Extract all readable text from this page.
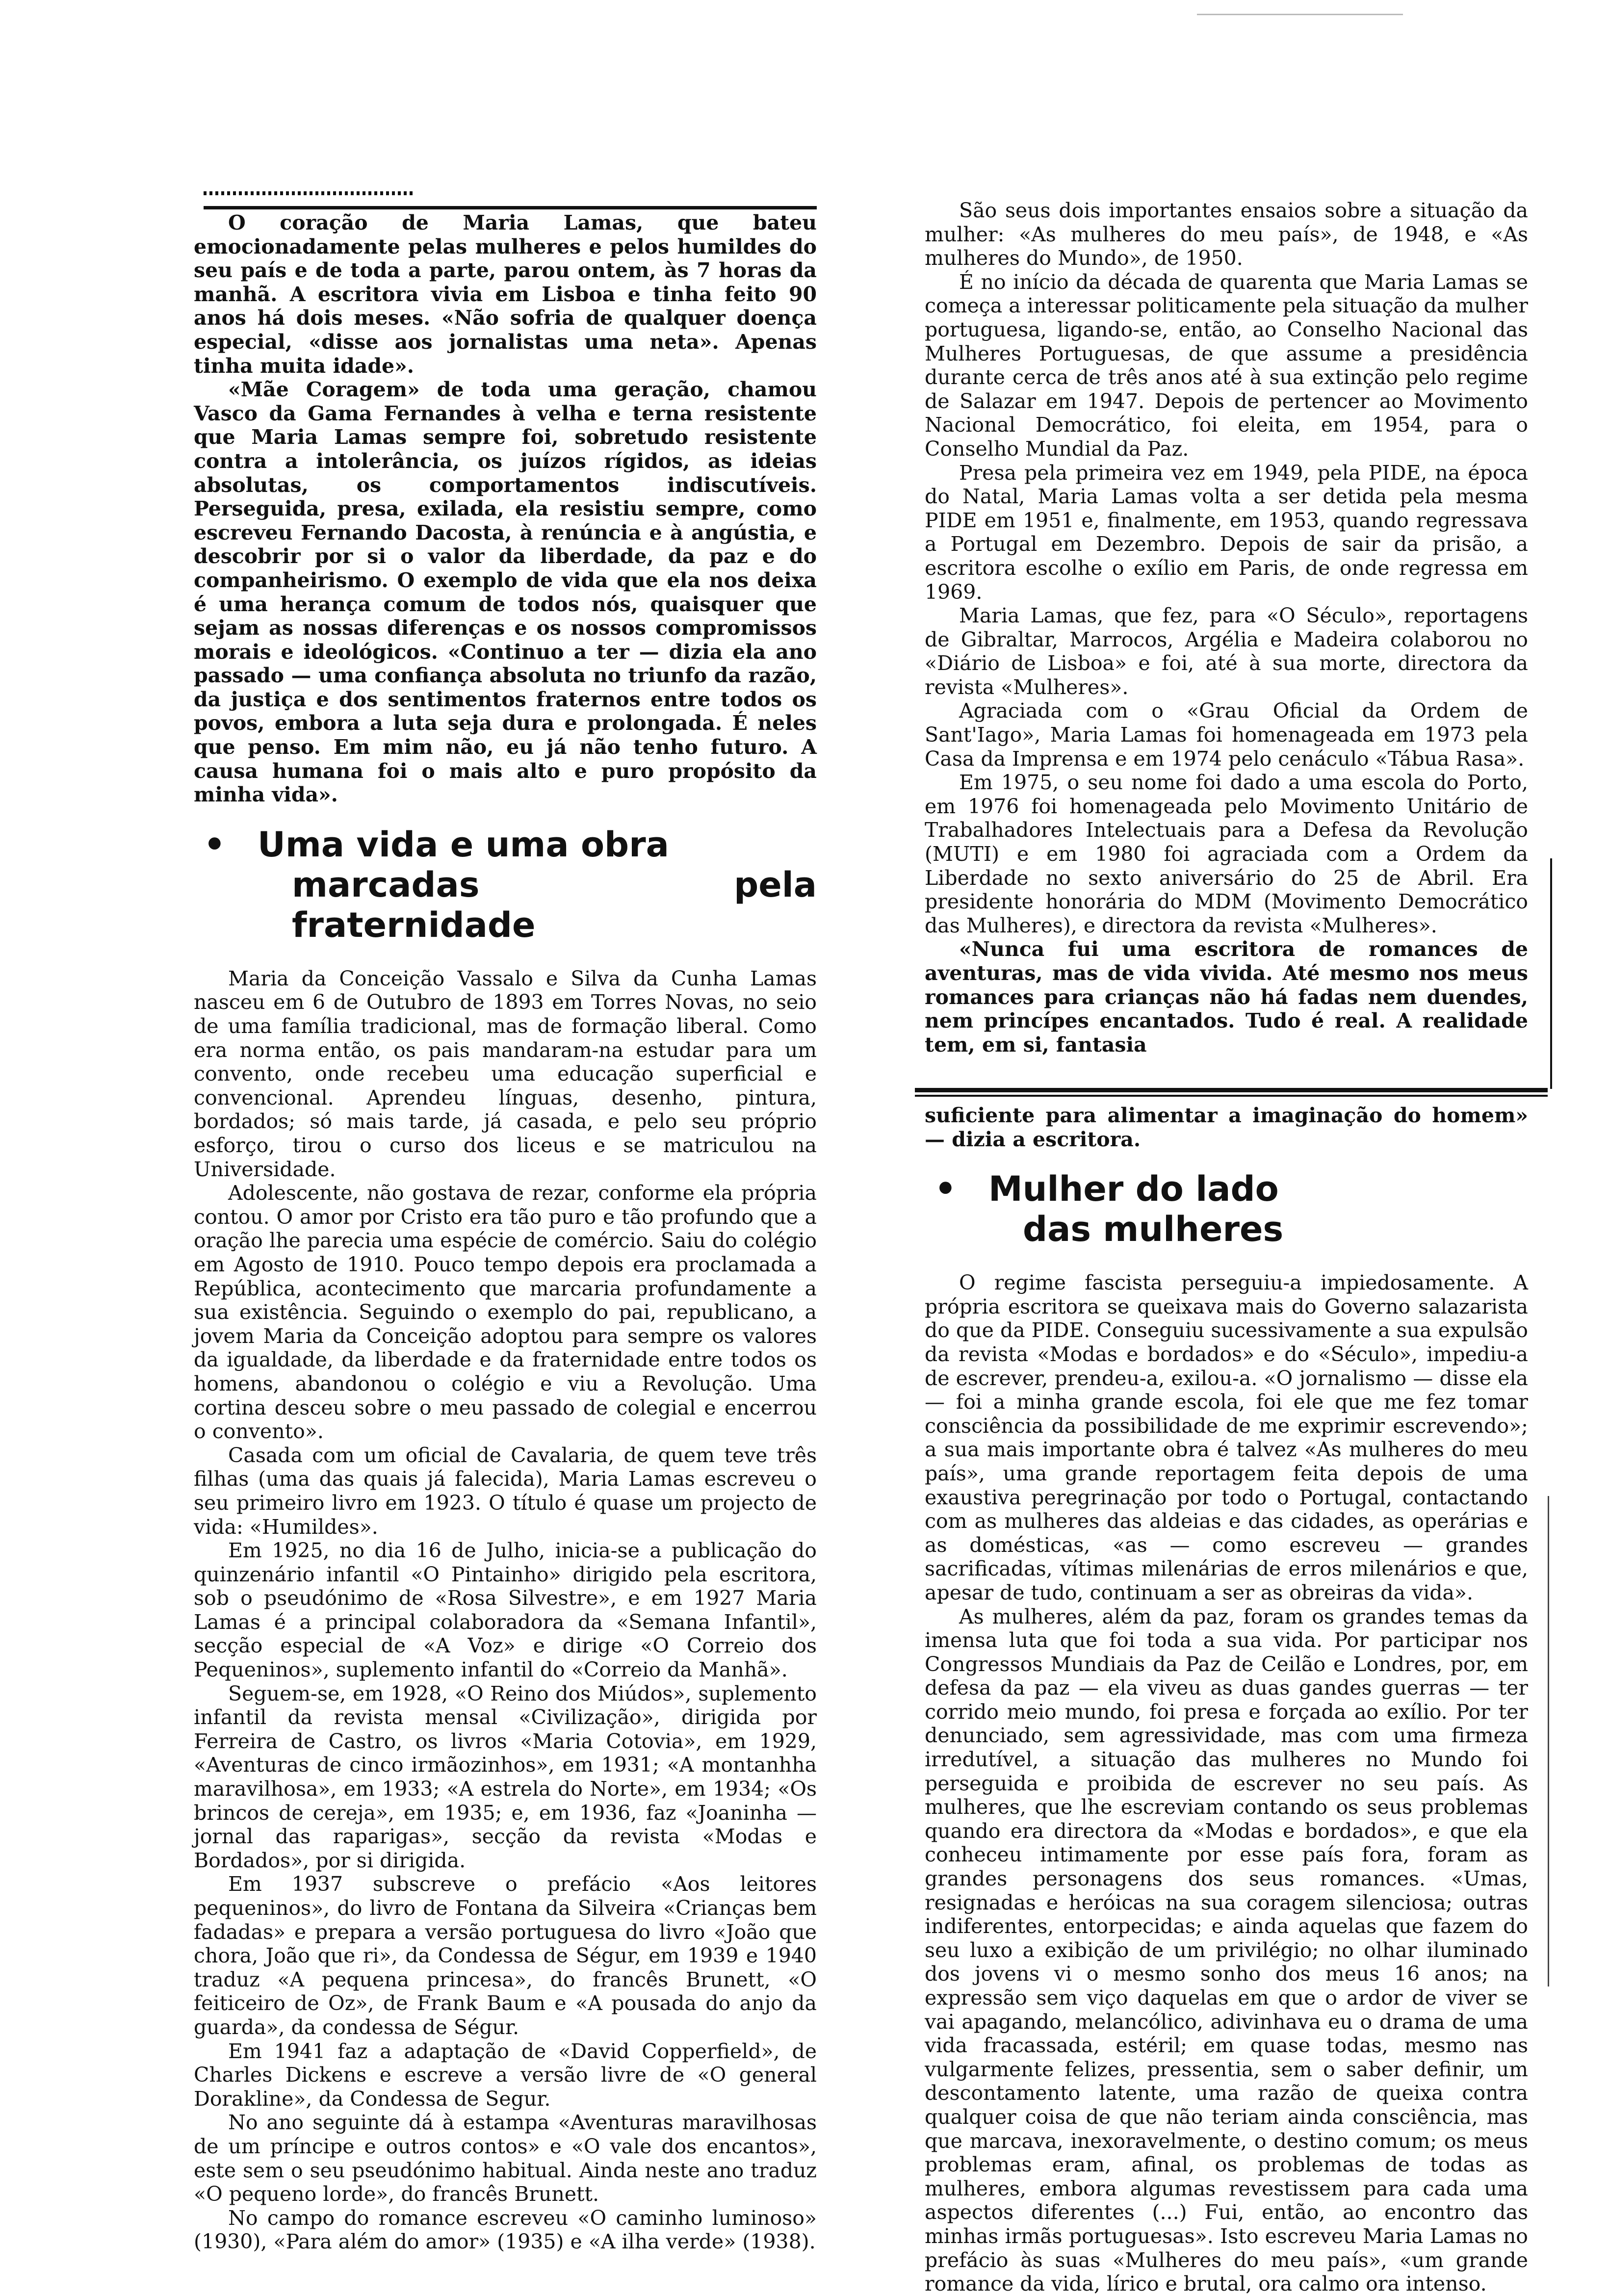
O coração de Maria Lamas, que bateu emocionadamente pelas mulheres e pelos humildes do seu país e de toda a parte, parou ontem, às 7 horas da manhã. A escritora vivia em Lisboa e tinha feito 90 anos há dois meses. «Não sofria de qualquer doença especial, «disse aos jornalistas uma neta». Apenas tinha muita idade».

«Mãe Coragem» de toda uma geração, chamou Vasco da Gama Fernandes à velha e terna resistente que Maria Lamas sempre foi, sobretudo resistente contra a intolerância, os juízos rígidos, as ideias absolutas, os comportamentos indiscutíveis. Perseguida, presa, exilada, ela resistiu sempre, como escreveu Fernando Dacosta, à renúncia e à angústia, e descobrir por si o valor da liberdade, da paz e do companheirismo. O exemplo de vida que ela nos deixa é uma herança comum de todos nós, quaisquer que sejam as nossas diferenças e os nossos compromissos morais e ideológicos. «Continuo a ter — dizia ela ano passado — uma confiança absoluta no triunfo da razão, da justiça e dos sentimentos fraternos entre todos os povos, embora a luta seja dura e prolongada. É neles que penso. Em mim não, eu já não tenho futuro. A causa humana foi o mais alto e puro propósito da minha vida».

• Uma vida e uma obra
marcadas pela fraternidade

Maria da Conceição Vassalo e Silva da Cunha Lamas nasceu em 6 de Outubro de 1893 em Torres Novas, no seio de uma família tradicional, mas de formação liberal. Como era norma então, os pais mandaram-na estudar para um convento, onde recebeu uma educação superficial e convencional. Aprendeu línguas, desenho, pintura, bordados; só mais tarde, já casada, e pelo seu próprio esforço, tirou o curso dos liceus e se matriculou na Universidade.

Adolescente, não gostava de rezar, conforme ela própria contou. O amor por Cristo era tão puro e tão profundo que a oração lhe parecia uma espécie de comércio. Saiu do colégio em Agosto de 1910. Pouco tempo depois era proclamada a República, acontecimento que marcaria profundamente a sua existência. Seguindo o exemplo do pai, republicano, a jovem Maria da Conceição adoptou para sempre os valores da igualdade, da liberdade e da fraternidade entre todos os homens, abandonou o colégio e viu a Revolução. Uma cortina desceu sobre o meu passado de colegial e encerrou o convento».

Casada com um oficial de Cavalaria, de quem teve três filhas (uma das quais já falecida), Maria Lamas escreveu o seu primeiro livro em 1923. O título é quase um projecto de vida: «Humildes».

Em 1925, no dia 16 de Julho, inicia-se a publicação do quinzenário infantil «O Pintainho» dirigido pela escritora, sob o pseudónimo de «Rosa Silvestre», e em 1927 Maria Lamas é a principal colaboradora da «Semana Infantil», secção especial de «A Voz» e dirige «O Correio dos Pequeninos», suplemento infantil do «Correio da Manhã».

Seguem-se, em 1928, «O Reino dos Miúdos», suplemento infantil da revista mensal «Civilização», dirigida por Ferreira de Castro, os livros «Maria Cotovia», em 1929, «Aventuras de cinco irmãozinhos», em 1931; «A montanhha maravilhosa», em 1933; «A estrela do Norte», em 1934; «Os brincos de cereja», em 1935; e, em 1936, faz «Joaninha — jornal das raparigas», secção da revista «Modas e Bordados», por si dirigida.

Em 1937 subscreve o prefácio «Aos leitores pequeninos», do livro de Fontana da Silveira «Crianças bem fadadas» e prepara a versão portuguesa do livro «João que chora, João que ri», da Condessa de Ségur, em 1939 e 1940 traduz «A pequena princesa», do francês Brunett, «O feiticeiro de Oz», de Frank Baum e «A pousada do anjo da guarda», da condessa de Ségur.

Em 1941 faz a adaptação de «David Copperfield», de Charles Dickens e escreve a versão livre de «O general Dorakline», da Condessa de Segur.

No ano seguinte dá à estampa «Aventuras maravilhosas de um príncipe e outros contos» e «O vale dos encantos», este sem o seu pseudónimo habitual. Ainda neste ano traduz «O pequeno lorde», do francês Brunett.

No campo do romance escreveu «O caminho luminoso» (1930), «Para além do amor» (1935) e «A ilha verde» (1938).

São seus dois importantes ensaios sobre a situação da mulher: «As mulheres do meu país», de 1948, e «As mulheres do Mundo», de 1950.

É no início da década de quarenta que Maria Lamas se começa a interessar politicamente pela situação da mulher portuguesa, ligando-se, então, ao Conselho Nacional das Mulheres Portuguesas, de que assume a presidência durante cerca de três anos até à sua extinção pelo regime de Salazar em 1947. Depois de pertencer ao Movimento Nacional Democrático, foi eleita, em 1954, para o Conselho Mundial da Paz.

Presa pela primeira vez em 1949, pela PIDE, na época do Natal, Maria Lamas volta a ser detida pela mesma PIDE em 1951 e, finalmente, em 1953, quando regressava a Portugal em Dezembro. Depois de sair da prisão, a escritora escolhe o exílio em Paris, de onde regressa em 1969.

Maria Lamas, que fez, para «O Século», reportagens de Gibraltar, Marrocos, Argélia e Madeira colaborou no «Diário de Lisboa» e foi, até à sua morte, directora da revista «Mulheres».

Agraciada com o «Grau Oficial da Ordem de Sant'Iago», Maria Lamas foi homenageada em 1973 pela Casa da Imprensa e em 1974 pelo cenáculo «Tábua Rasa».

Em 1975, o seu nome foi dado a uma escola do Porto, em 1976 foi homenageada pelo Movimento Unitário de Trabalhadores Intelectuais para a Defesa da Revolução (MUTI) e em 1980 foi agraciada com a Ordem da Liberdade no sexto aniversário do 25 de Abril. Era presidente honorária do MDM (Movimento Democrático das Mulheres), e directora da revista «Mulheres».

«Nunca fui uma escritora de romances de aventuras, mas de vida vivida. Até mesmo nos meus romances para crianças não há fadas nem duendes, nem princípes encantados. Tudo é real. A realidade tem, em si, fantasia

suficiente para alimentar a imaginação do homem» — dizia a escritora.

• Mulher do lado
das mulheres

O regime fascista perseguiu-a impiedosamente. A própria escritora se queixava mais do Governo salazarista do que da PIDE. Conseguiu sucessivamente a sua expulsão da revista «Modas e bordados» e do «Século», impediu-a de escrever, prendeu-a, exilou-a. «O jornalismo — disse ela — foi a minha grande escola, foi ele que me fez tomar consciência da possibilidade de me exprimir escrevendo»; a sua mais importante obra é talvez «As mulheres do meu país», uma grande reportagem feita depois de uma exaustiva peregrinação por todo o Portugal, contactando com as mulheres das aldeias e das cidades, as operárias e as domésticas, «as — como escreveu — grandes sacrificadas, vítimas milenárias de erros milenários e que, apesar de tudo, continuam a ser as obreiras da vida».

As mulheres, além da paz, foram os grandes temas da imensa luta que foi toda a sua vida. Por participar nos Congressos Mundiais da Paz de Ceilão e Londres, por, em defesa da paz — ela viveu as duas gandes guerras — ter corrido meio mundo, foi presa e forçada ao exílio. Por ter denunciado, sem agressividade, mas com uma firmeza irredutível, a situação das mulheres no Mundo foi perseguida e proibida de escrever no seu país. As mulheres, que lhe escreviam contando os seus problemas quando era directora da «Modas e bordados», e que ela conheceu intimamente por esse país fora, foram as grandes personagens dos seus romances. «Umas, resignadas e heróicas na sua coragem silenciosa; outras indiferentes, entorpecidas; e ainda aquelas que fazem do seu luxo a exibição de um privilégio; no olhar iluminado dos jovens vi o mesmo sonho dos meus 16 anos; na expressão sem viço daquelas em que o ardor de viver se vai apagando, melancólico, adivinhava eu o drama de uma vida fracassada, estéril; em quase todas, mesmo nas vulgarmente felizes, pressentia, sem o saber definir, um descontamento latente, uma razão de queixa contra qualquer coisa de que não teriam ainda consciência, mas que marcava, inexoravelmente, o destino comum; os meus problemas eram, afinal, os problemas de todas as mulheres, embora algumas revestissem para cada uma aspectos diferentes (...) Fui, então, ao encontro das minhas irmãs portuguesas». Isto escreveu Maria Lamas no prefácio às suas «Mulheres do meu país», «um grande romance da vida, lírico e brutal, ora calmo ora intenso.
